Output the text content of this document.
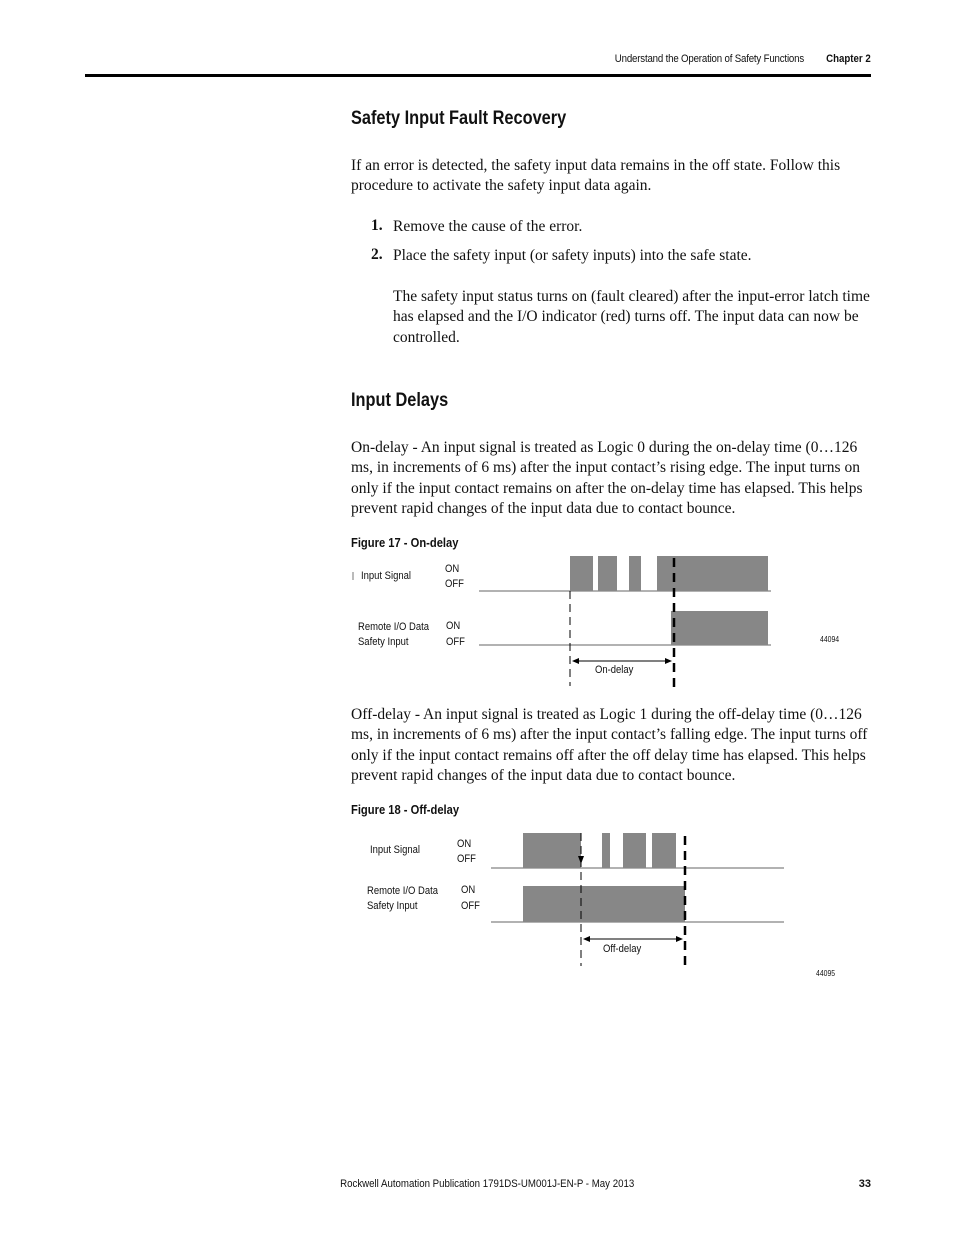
Understand the Operation of Safety Functions Chapter 2
Safety Input Fault Recovery
If an error is detected, the safety input data remains in the off state. Follow this procedure to activate the safety input data again.
1. Remove the cause of the error.
2. Place the safety input (or safety inputs) into the safe state.
The safety input status turns on (fault cleared) after the input-error latch time has elapsed and the I/O indicator (red) turns off. The input data can now be controlled.
Input Delays
On-delay - An input signal is treated as Logic 0 during the on-delay time (0…126 ms, in increments of 6 ms) after the input contact’s rising edge. The input turns on only if the input contact remains on after the on-delay time has elapsed. This helps prevent rapid changes of the input data due to contact bounce.
Figure 17 - On-delay
Input Signal
ON
OFF
Remote I/O Data
Safety Input
ON
OFF
On-delay
44094
Off-delay - An input signal is treated as Logic 1 during the off-delay time (0…126 ms, in increments of 6 ms) after the input contact’s falling edge. The input turns off only if the input contact remains off after the off delay time has elapsed. This helps prevent rapid changes of the input data due to contact bounce.
Figure 18 - Off-delay
Input Signal	ON
OFF
Remote I/O Data
Safety Input
ON
OFF
Off-delay
44095
Rockwell Automation Publication 1791DS-UM001J-EN-P - May 2013	33
